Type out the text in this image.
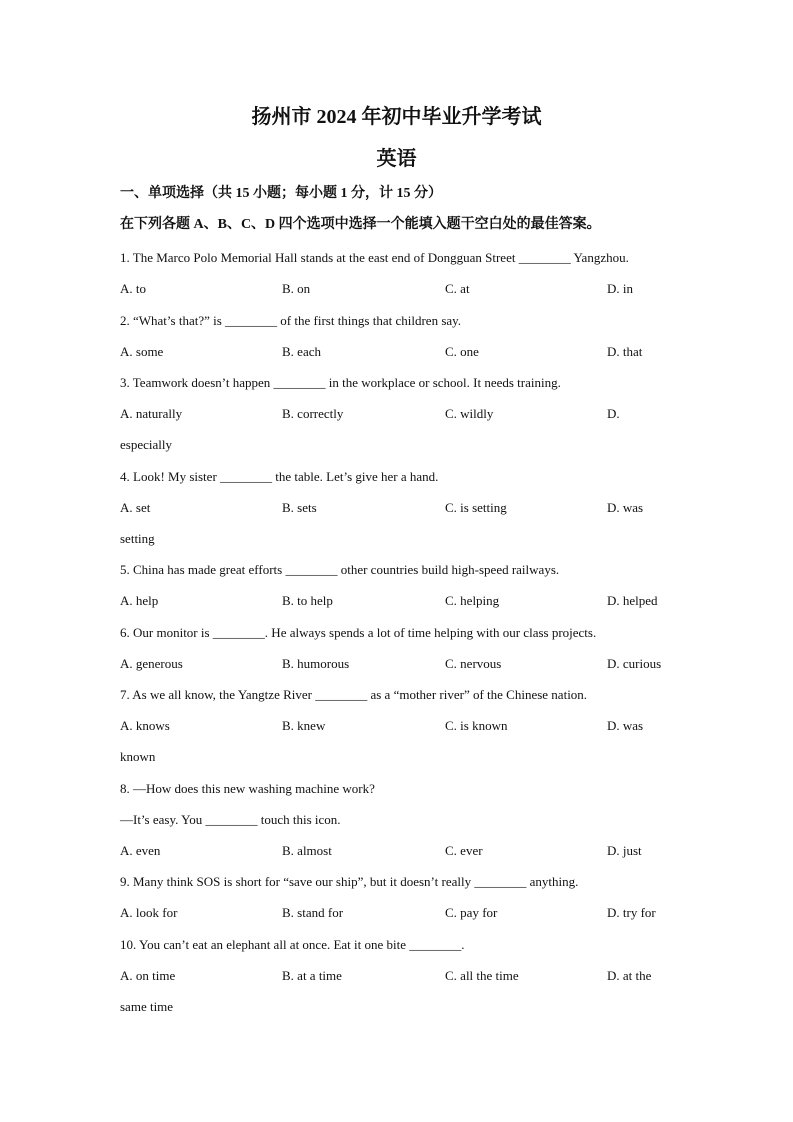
扬州市 2024 年初中毕业升学考试
英语
一、单项选择（共 15 小题；每小题 1 分，计 15 分）
在下列各题 A、B、C、D 四个选项中选择一个能填入题干空白处的最佳答案。
1. The Marco Polo Memorial Hall stands at the east end of Dongguan Street ________ Yangzhou.
A. to	B. on	C. at	D. in
2. “What’s that?” is ________ of the first things that children say.
A. some	B. each	C. one	D. that
3. Teamwork doesn’t happen ________ in the workplace or school. It needs training.
A. naturally	B. correctly	C. wildly	D.
especially
4. Look! My sister ________ the table. Let’s give her a hand.
A. set	B. sets	C. is setting	D. was
setting
5. China has made great efforts ________ other countries build high-speed railways.
A. help	B. to help	C. helping	D. helped
6. Our monitor is ________. He always spends a lot of time helping with our class projects.
A. generous	B. humorous	C. nervous	D. curious
7. As we all know, the Yangtze River ________ as a “mother river” of the Chinese nation.
A. knows	B. knew	C. is known	D. was
known
8. —How does this new washing machine work?
—It’s easy. You ________ touch this icon.
A. even	B. almost	C. ever	D. just
9. Many think SOS is short for “save our ship”, but it doesn’t really ________ anything.
A. look for	B. stand for	C. pay for	D. try for
10. You can’t eat an elephant all at once. Eat it one bite ________.
A. on time	B. at a time	C. all the time	D. at the
same time
